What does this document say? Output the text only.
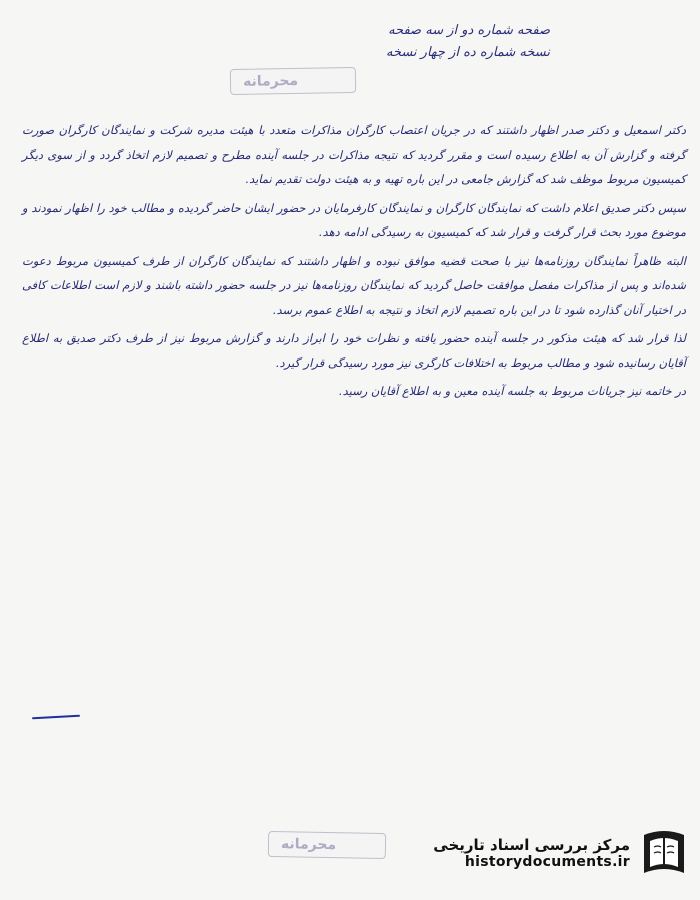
صفحه شماره دو از سه صفحه
نسخه شماره ده از چهار نسخه
محرمانه

دکتر اسمعیل و دکتر صدر اظهار داشتند که در جریان اعتصاب کارگران مذاکرات متعدد با هیئت مدیره شرکت و نمایندگان کارگران صورت گرفته و گزارش آن به اطلاع رسیده است و مقرر گردید که نتیجه مذاکرات در جلسه آینده مطرح و تصمیم لازم اتخاذ گردد و از سوی دیگر کمیسیون مربوط موظف شد که گزارش جامعی در این باره تهیه و به هیئت دولت تقدیم نماید.

سپس دکتر صدیق اعلام داشت که نمایندگان کارگران و نمایندگان کارفرمایان در حضور ایشان حاضر گردیده و مطالب خود را اظهار نمودند و موضوع مورد بحث قرار گرفت و قرار شد که کمیسیون به رسیدگی ادامه دهد.

البته ظاهراً نمایندگان روزنامه‌ها نیز با صحت قضیه موافق نبوده و اظهار داشتند که نمایندگان کارگران از طرف کمیسیون مربوط دعوت شده‌اند و پس از مذاکرات مفصل موافقت حاصل گردید که نمایندگان روزنامه‌ها نیز در جلسه حضور داشته باشند و لازم است اطلاعات کافی در اختیار آنان گذارده شود تا در این باره تصمیم لازم اتخاذ و نتیجه به اطلاع عموم برسد.

لذا قرار شد که هیئت مذکور در جلسه آینده حضور یافته و نظرات خود را ابراز دارند و گزارش مربوط نیز از طرف دکتر صدیق به اطلاع آقایان رسانیده شود و مطالب مربوط به اختلافات کارگری نیز مورد رسیدگی قرار گیرد.

در خاتمه نیز جریانات مربوط به جلسه آینده معین و به اطلاع آقایان رسید.

محرمانه	مرکز بررسی اسناد تاریخی
historydocuments.ir
